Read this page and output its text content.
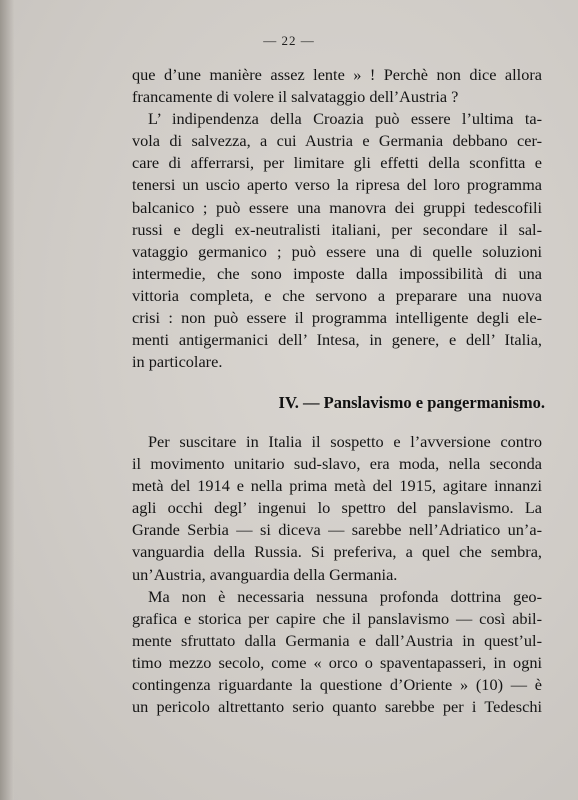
— 22 —
que d’une manière assez lente » ! Perchè non dice allora
francamente di volere il salvataggio dell’Austria ?
L’ indipendenza della Croazia può essere l’ultima ta-
vola di salvezza, a cui Austria e Germania debbano cer-
care di afferrarsi, per limitare gli effetti della sconfitta e
tenersi un uscio aperto verso la ripresa del loro programma
balcanico ; può essere una manovra dei gruppi tedescofili
russi e degli ex-neutralisti italiani, per secondare il sal-
vataggio germanico ; può essere una di quelle soluzioni
intermedie, che sono imposte dalla impossibilità di una
vittoria completa, e che servono a preparare una nuova
crisi : non può essere il programma intelligente degli ele-
menti antigermanici dell’ Intesa, in genere, e dell’ Italia,
in particolare.
IV. — Panslavismo e pangermanismo.
Per suscitare in Italia il sospetto e l’avversione contro
il movimento unitario sud-slavo, era moda, nella seconda
metà del 1914 e nella prima metà del 1915, agitare innanzi
agli occhi degl’ ingenui lo spettro del panslavismo. La
Grande Serbia — si diceva — sarebbe nell’Adriatico un’a-
vanguardia della Russia. Si preferiva, a quel che sembra,
un’Austria, avanguardia della Germania.
Ma non è necessaria nessuna profonda dottrina geo-
grafica e storica per capire che il panslavismo — così abil-
mente sfruttato dalla Germania e dall’Austria in quest’ul-
timo mezzo secolo, come « orco o spaventapasseri, in ogni
contingenza riguardante la questione d’Oriente » (10) — è
un pericolo altrettanto serio quanto sarebbe per i Tedeschi
